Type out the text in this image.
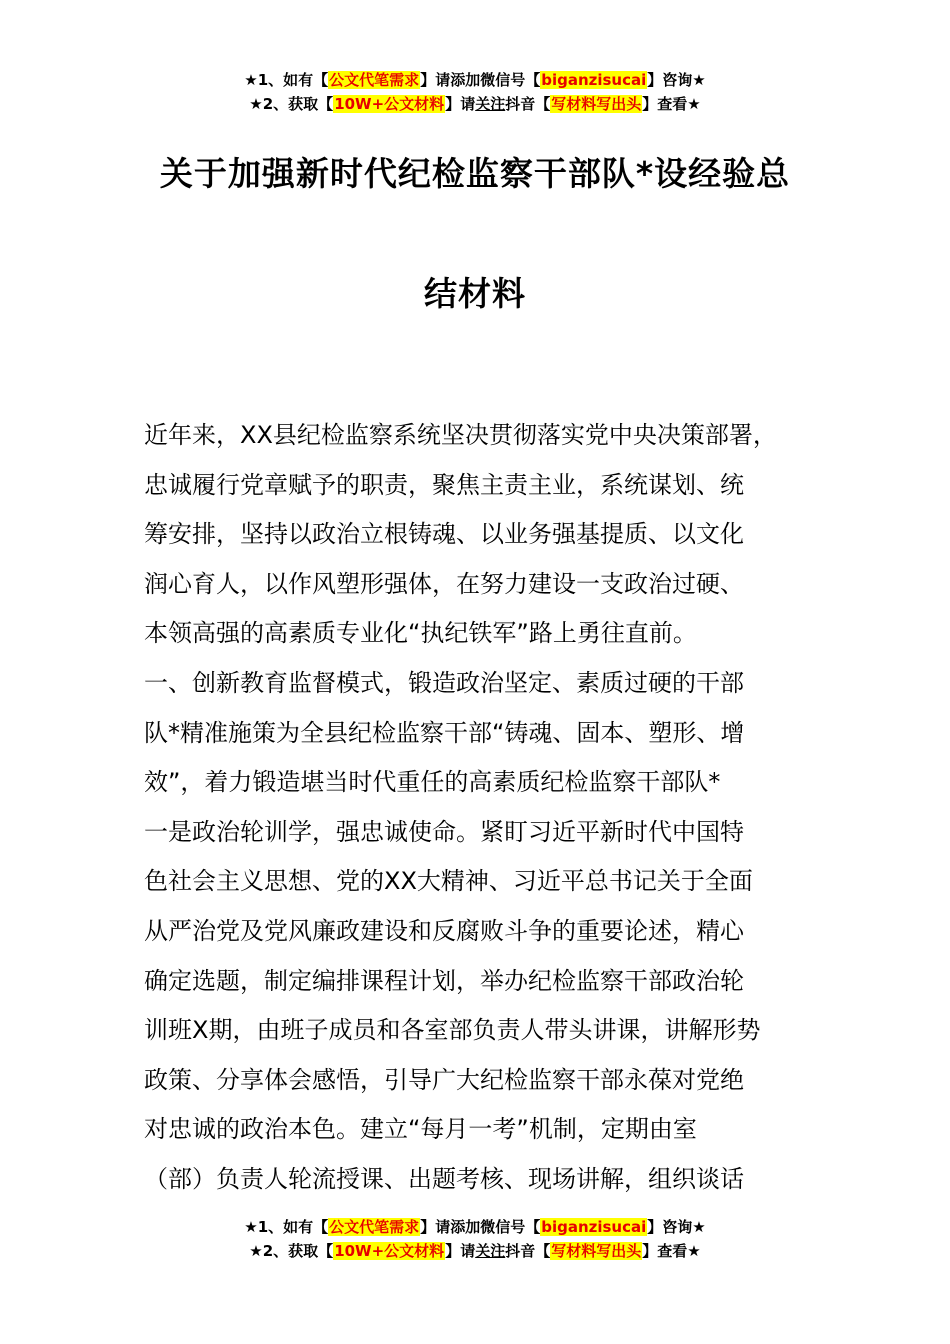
★1、如有【公文代笔需求】请添加微信号【biganzisucai】咨询★
★2、获取【10W+公文材料】请关注抖音【写材料写出头】查看★
关于加强新时代纪检监察干部队*设经验总
结材料
近年来，XX县纪检监察系统坚决贯彻落实党中央决策部署，
忠诚履行党章赋予的职责，聚焦主责主业，系统谋划、统
筹安排，坚持以政治立根铸魂、以业务强基提质、以文化
润心育人，以作风塑形强体，在努力建设一支政治过硬、
本领高强的高素质专业化“执纪铁军”路上勇往直前。
一、创新教育监督模式，锻造政治坚定、素质过硬的干部
队*精准施策为全县纪检监察干部“铸魂、固本、塑形、增
效”，着力锻造堪当时代重任的高素质纪检监察干部队*
一是政治轮训学，强忠诚使命。紧盯习近平新时代中国特
色社会主义思想、党的XX大精神、习近平总书记关于全面
从严治党及党风廉政建设和反腐败斗争的重要论述，精心
确定选题，制定编排课程计划，举办纪检监察干部政治轮
训班X期，由班子成员和各室部负责人带头讲课，讲解形势
政策、分享体会感悟，引导广大纪检监察干部永葆对党绝
对忠诚的政治本色。建立“每月一考”机制，定期由室
（部）负责人轮流授课、出题考核、现场讲解，组织谈话
★1、如有【公文代笔需求】请添加微信号【biganzisucai】咨询★
★2、获取【10W+公文材料】请关注抖音【写材料写出头】查看★
